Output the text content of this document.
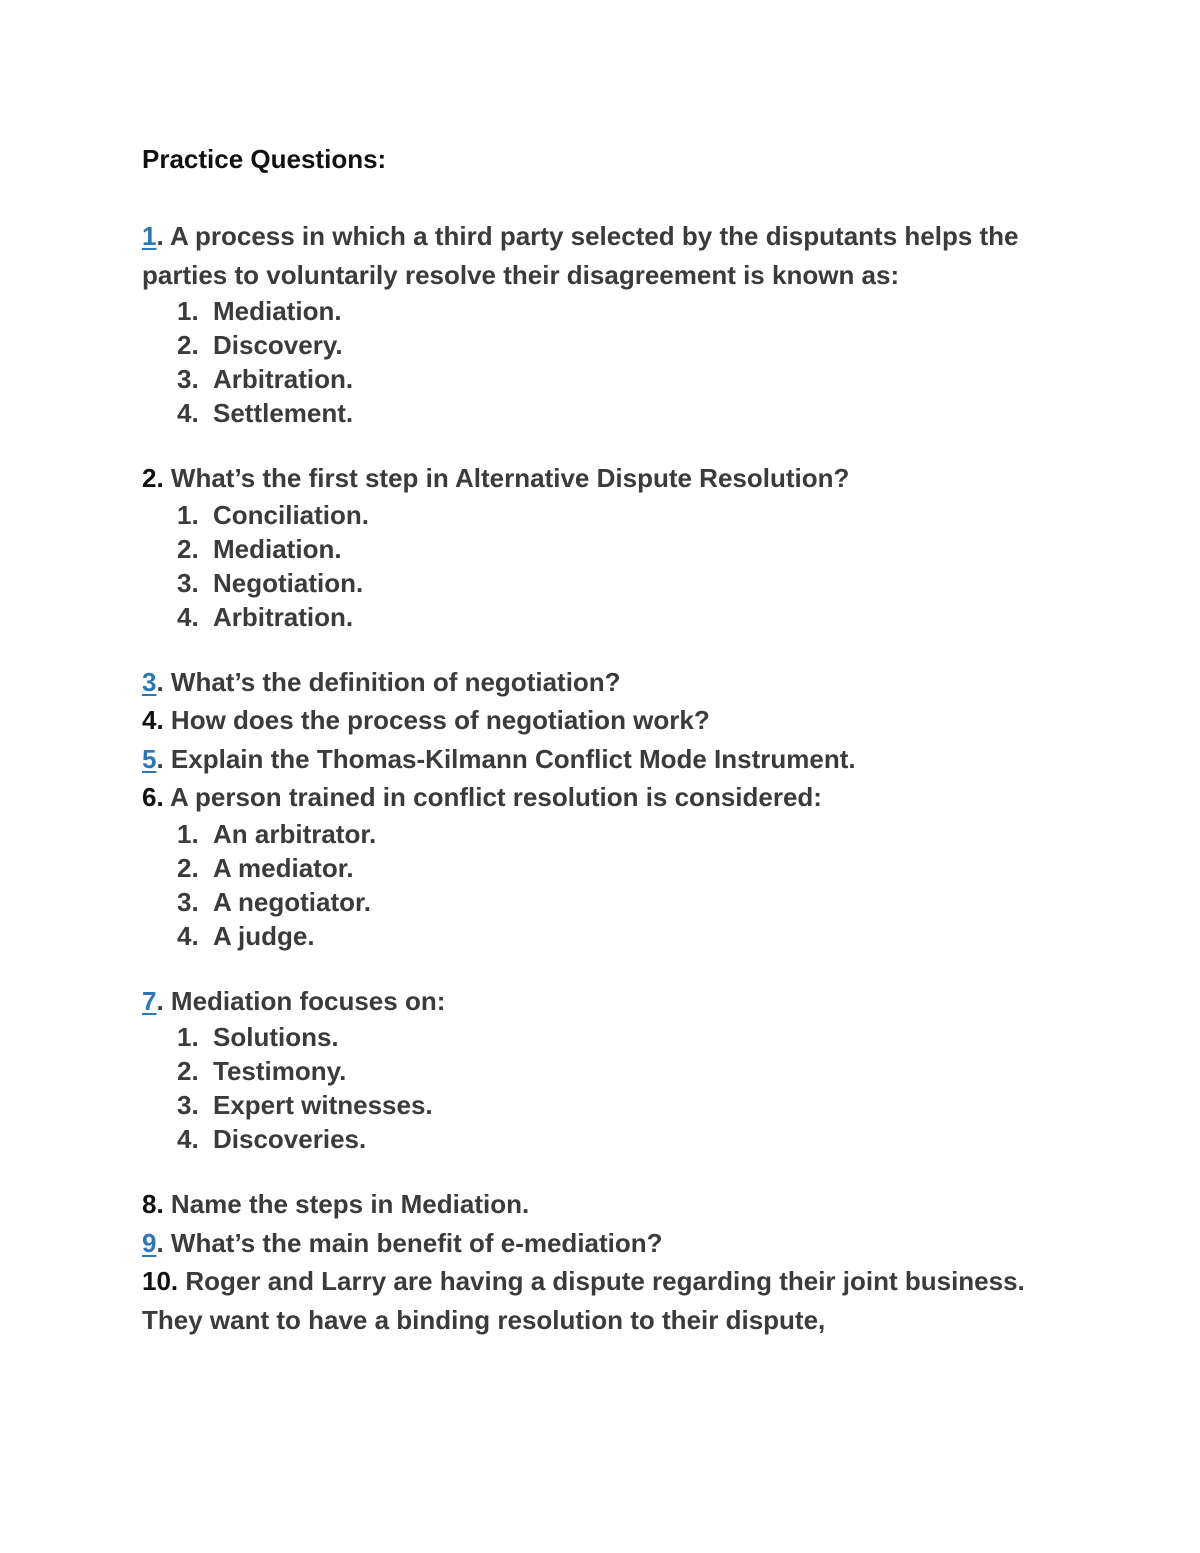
Practice Questions:

1. A process in which a third party selected by the disputants helps the parties to voluntarily resolve their disagreement is known as:

1. Mediation.
2. Discovery.
3. Arbitration.
4. Settlement.

2. What’s the first step in Alternative Dispute Resolution?

1. Conciliation.
2. Mediation.
3. Negotiation.
4. Arbitration.

3. What’s the definition of negotiation?

4. How does the process of negotiation work?

5. Explain the Thomas-Kilmann Conflict Mode Instrument.

6. A person trained in conflict resolution is considered:

1. An arbitrator.
2. A mediator.
3. A negotiator.
4. A judge.

7. Mediation focuses on:

1. Solutions.
2. Testimony.
3. Expert witnesses.
4. Discoveries.

8. Name the steps in Mediation.

9. What’s the main benefit of e-mediation?

10. Roger and Larry are having a dispute regarding their joint business. They want to have a binding resolution to their dispute,
